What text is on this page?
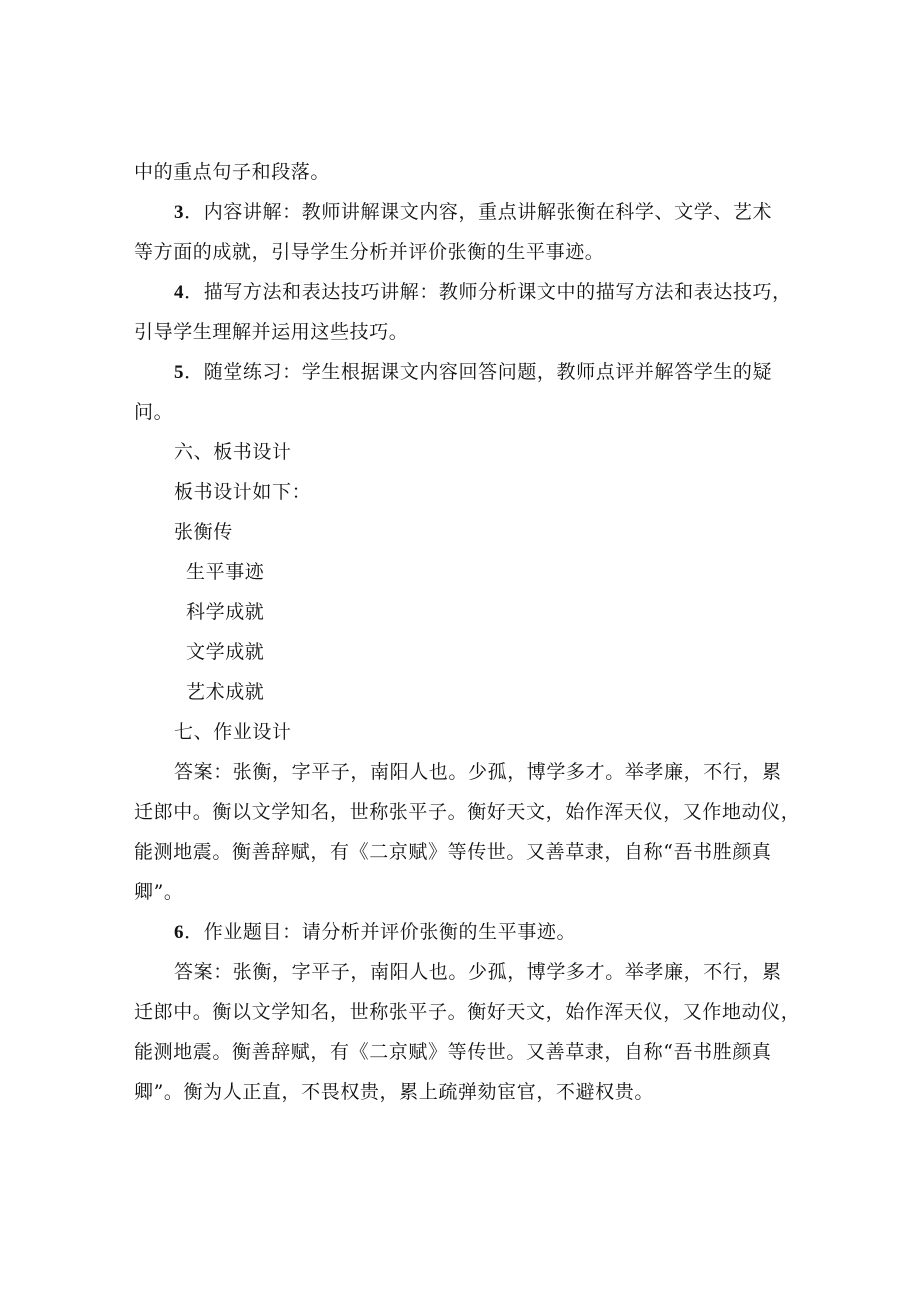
中的重点句子和段落。
3．内容讲解：教师讲解课文内容，重点讲解张衡在科学、文学、艺术
等方面的成就，引导学生分析并评价张衡的生平事迹。
4．描写方法和表达技巧讲解：教师分析课文中的描写方法和表达技巧，
引导学生理解并运用这些技巧。
5．随堂练习：学生根据课文内容回答问题，教师点评并解答学生的疑
问。
六、板书设计
板书设计如下：
张衡传
生平事迹
科学成就
文学成就
艺术成就
七、作业设计
答案：张衡，字平子，南阳人也。少孤，博学多才。举孝廉，不行，累
迁郎中。衡以文学知名，世称张平子。衡好天文，始作浑天仪，又作地动仪，
能测地震。衡善辞赋，有《二京赋》等传世。又善草隶，自称“吾书胜颜真
卿”。
6．作业题目：请分析并评价张衡的生平事迹。
答案：张衡，字平子，南阳人也。少孤，博学多才。举孝廉，不行，累
迁郎中。衡以文学知名，世称张平子。衡好天文，始作浑天仪，又作地动仪，
能测地震。衡善辞赋，有《二京赋》等传世。又善草隶，自称“吾书胜颜真
卿”。衡为人正直，不畏权贵，累上疏弹劾宦官，不避权贵。
